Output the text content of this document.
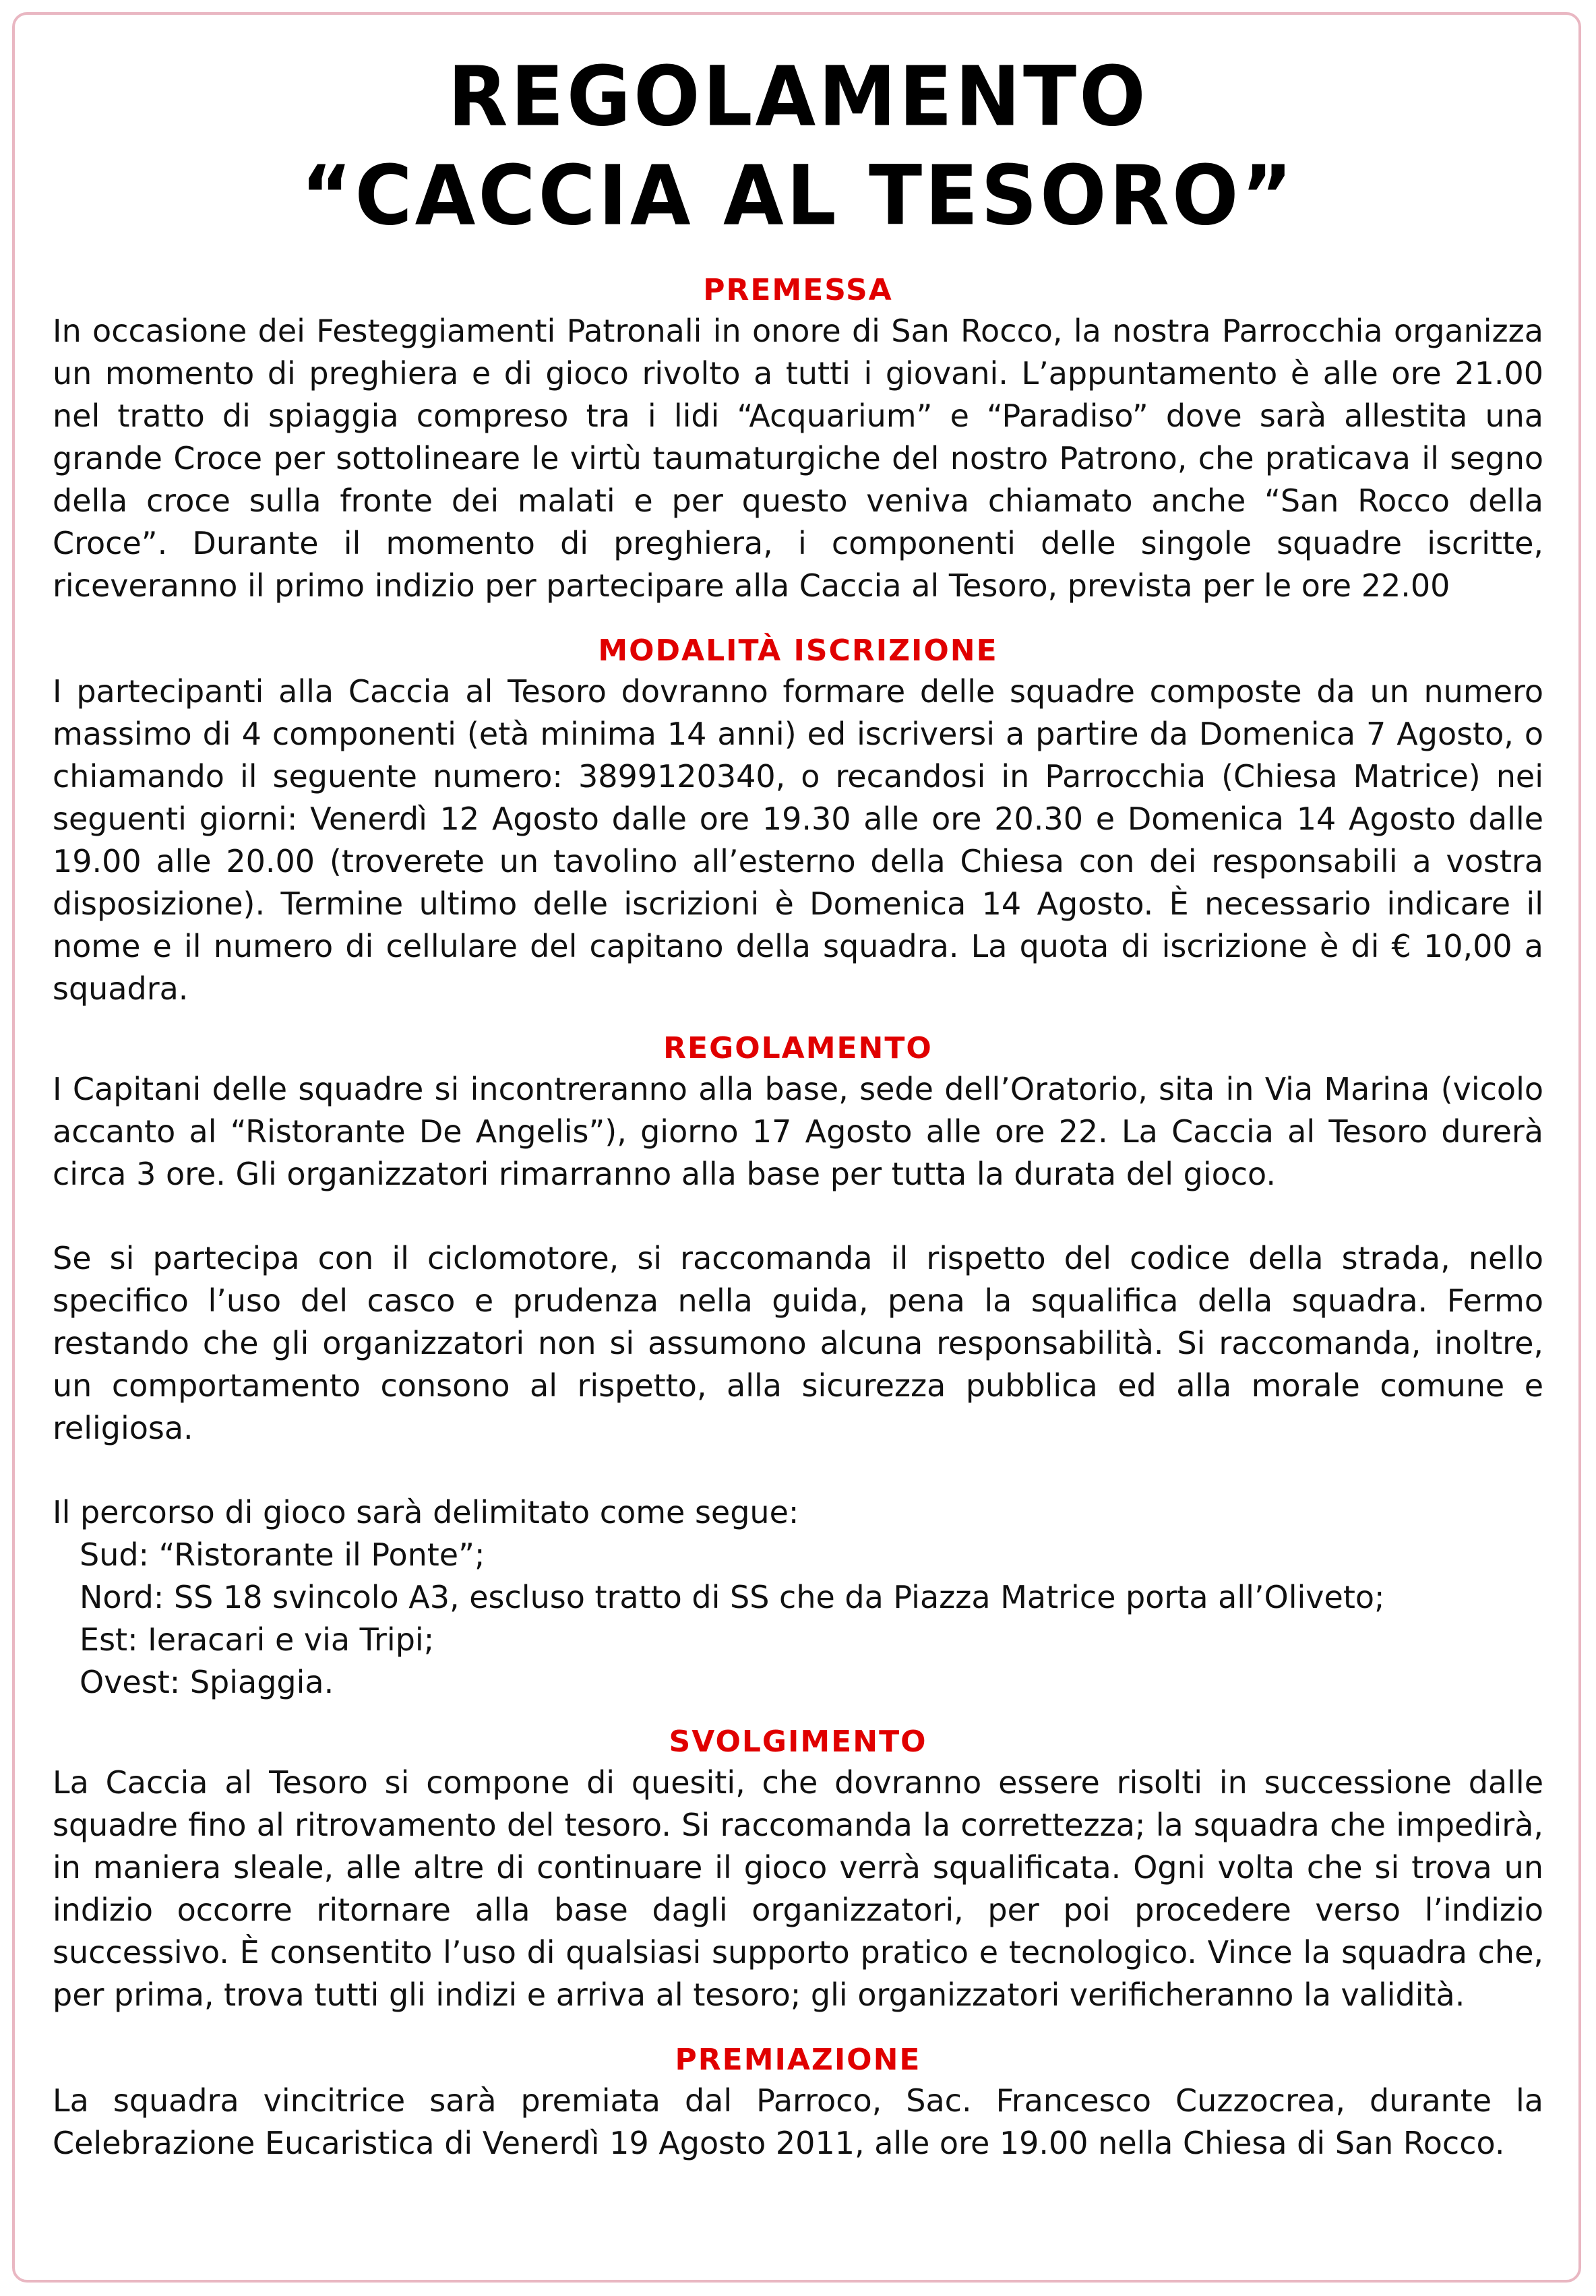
REGOLAMENTO
“CACCIA AL TESORO”
PREMESSA

In occasione dei Festeggiamenti Patronali in onore di San Rocco, la nostra Parrocchia organizza un momento di preghiera e di gioco rivolto a tutti i giovani. L’appuntamento è alle ore 21.00 nel tratto di spiaggia compreso tra i lidi “Acquarium” e “Paradiso” dove sarà allestita una grande Croce per sottolineare le virtù taumaturgiche del nostro Patrono, che praticava il segno della croce sulla fronte dei malati e per questo veniva chiamato anche “San Rocco della Croce”. Durante il momento di preghiera, i componenti delle singole squadre iscritte, riceveranno il primo indizio per partecipare alla Caccia al Tesoro, prevista per le ore 22.00

MODALITÀ ISCRIZIONE

I partecipanti alla Caccia al Tesoro dovranno formare delle squadre composte da un numero massimo di 4 componenti (età minima 14 anni) ed iscriversi a partire da Domenica 7 Agosto, o chiamando il seguente numero: 3899120340, o recandosi in Parrocchia (Chiesa Matrice) nei seguenti giorni: Venerdì 12 Agosto dalle ore 19.30 alle ore 20.30 e Domenica 14 Agosto dalle 19.00 alle 20.00 (troverete un tavolino all’esterno della Chiesa con dei responsabili a vostra disposizione). Termine ultimo delle iscrizioni è Domenica 14 Agosto. È necessario indicare il nome e il numero di cellulare del capitano della squadra. La quota di iscrizione è di € 10,00 a squadra.

REGOLAMENTO

I Capitani delle squadre si incontreranno alla base, sede dell’Oratorio, sita in Via Marina (vicolo accanto al “Ristorante De Angelis”), giorno 17 Agosto alle ore 22. La Caccia al Tesoro durerà circa 3 ore. Gli organizzatori rimarranno alla base per tutta la durata del gioco.

Se si partecipa con il ciclomotore, si raccomanda il rispetto del codice della strada, nello specifico l’uso del casco e prudenza nella guida, pena la squalifica della squadra. Fermo restando che gli organizzatori non si assumono alcuna responsabilità. Si raccomanda, inoltre, un comportamento consono al rispetto, alla sicurezza pubblica ed alla morale comune e religiosa.

Il percorso di gioco sarà delimitato come segue:

Sud: “Ristorante il Ponte”;

Nord: SS 18 svincolo A3, escluso tratto di SS che da Piazza Matrice porta all’Oliveto;

Est: Ieracari e via Tripi;

Ovest: Spiaggia.

SVOLGIMENTO

La Caccia al Tesoro si compone di quesiti, che dovranno essere risolti in successione dalle squadre fino al ritrovamento del tesoro. Si raccomanda la correttezza; la squadra che impedirà, in maniera sleale, alle altre di continuare il gioco verrà squalificata. Ogni volta che si trova un indizio occorre ritornare alla base dagli organizzatori, per poi procedere verso l’indizio successivo. È consentito l’uso di qualsiasi supporto pratico e tecnologico. Vince la squadra che, per prima, trova tutti gli indizi e arriva al tesoro; gli organizzatori verificheranno la validità.

PREMIAZIONE

La squadra vincitrice sarà premiata dal Parroco, Sac. Francesco Cuzzocrea, durante la Celebrazione Eucaristica di Venerdì 19 Agosto 2011, alle ore 19.00 nella Chiesa di San Rocco.
